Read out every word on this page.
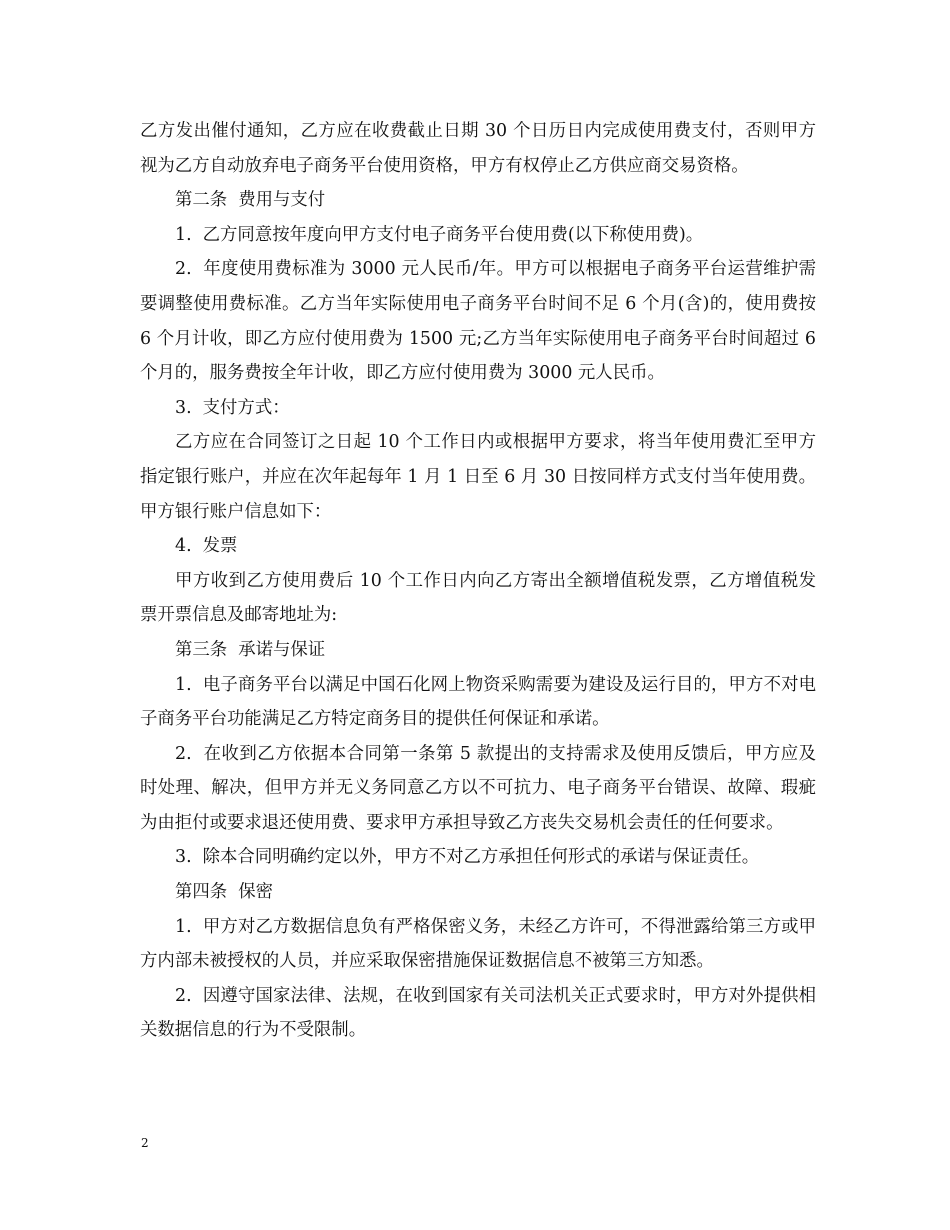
乙方发出催付通知，乙方应在收费截止日期 30 个日历日内完成使用费支付，否则甲方视为乙方自动放弃电子商务平台使用资格，甲方有权停止乙方供应商交易资格。

第二条  费用与支付

1.  乙方同意按年度向甲方支付电子商务平台使用费(以下称使用费)。

2.  年度使用费标准为 3000 元人民币/年。甲方可以根据电子商务平台运营维护需要调整使用费标准。乙方当年实际使用电子商务平台时间不足 6 个月(含)的，使用费按 6 个月计收，即乙方应付使用费为 1500 元;乙方当年实际使用电子商务平台时间超过 6 个月的，服务费按全年计收，即乙方应付使用费为 3000 元人民币。

3.  支付方式：

乙方应在合同签订之日起 10 个工作日内或根据甲方要求，将当年使用费汇至甲方指定银行账户，并应在次年起每年 1 月 1 日至 6 月 30 日按同样方式支付当年使用费。甲方银行账户信息如下：

4.  发票

甲方收到乙方使用费后 10 个工作日内向乙方寄出全额增值税发票，乙方增值税发票开票信息及邮寄地址为:

第三条  承诺与保证

1.  电子商务平台以满足中国石化网上物资采购需要为建设及运行目的，甲方不对电子商务平台功能满足乙方特定商务目的提供任何保证和承诺。

2.  在收到乙方依据本合同第一条第 5 款提出的支持需求及使用反馈后，甲方应及时处理、解决，但甲方并无义务同意乙方以不可抗力、电子商务平台错误、故障、瑕疵为由拒付或要求退还使用费、要求甲方承担导致乙方丧失交易机会责任的任何要求。

3.  除本合同明确约定以外，甲方不对乙方承担任何形式的承诺与保证责任。

第四条  保密

1.  甲方对乙方数据信息负有严格保密义务，未经乙方许可，不得泄露给第三方或甲方内部未被授权的人员，并应采取保密措施保证数据信息不被第三方知悉。

2.  因遵守国家法律、法规，在收到国家有关司法机关正式要求时，甲方对外提供相关数据信息的行为不受限制。

2
